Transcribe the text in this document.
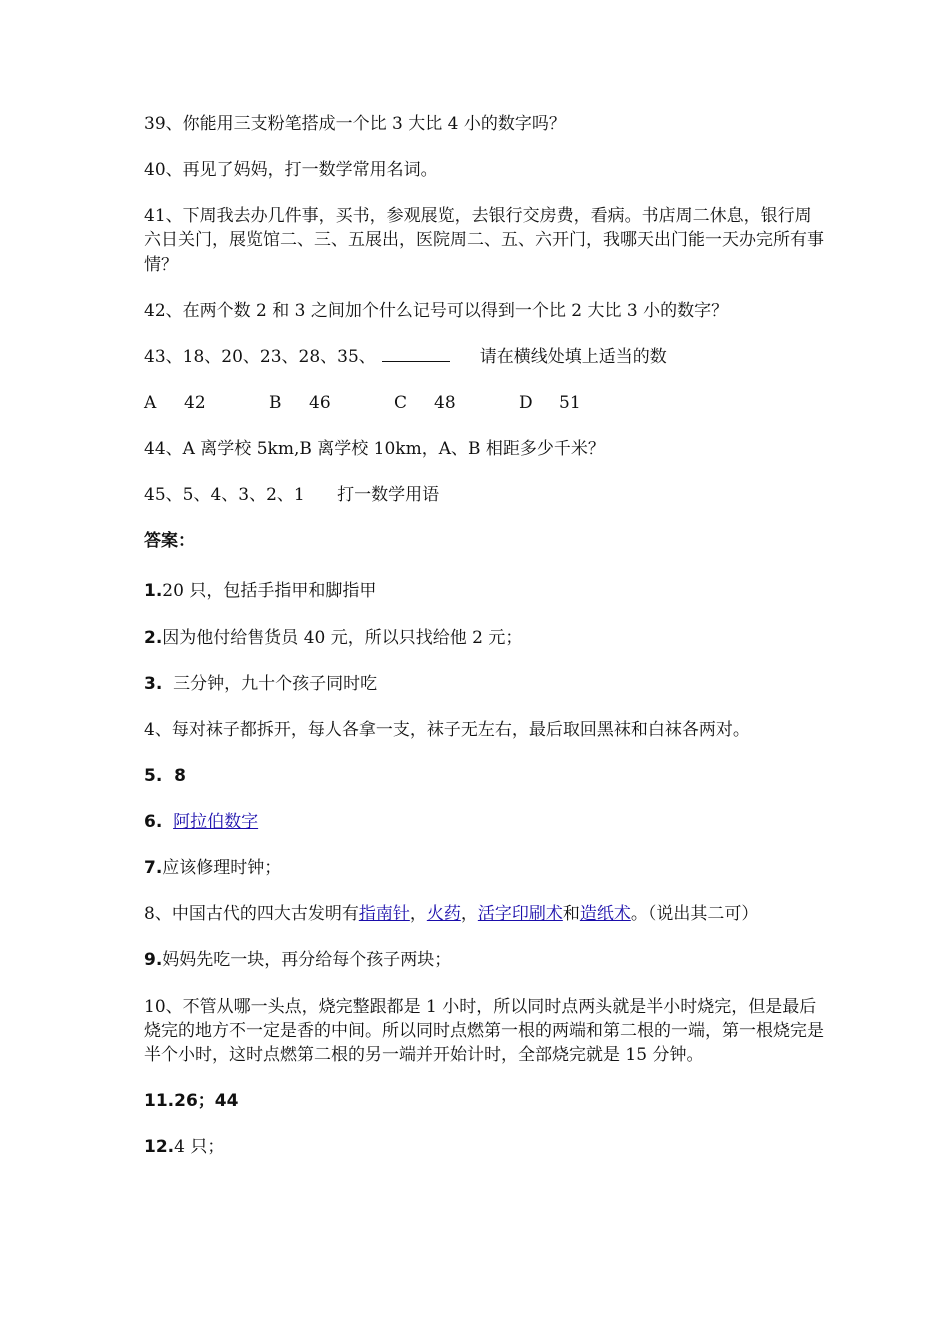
39、你能用三支粉笔搭成一个比 3 大比 4 小的数字吗？

40、再见了妈妈，打一数学常用名词。

41、下周我去办几件事，买书，参观展览，去银行交房费，看病。书店周二休息，银行周六日关门，展览馆二、三、五展出，医院周二、五、六开门，我哪天出门能一天办完所有事情？

42、在两个数 2 和 3 之间加个什么记号可以得到一个比 2 大比 3 小的数字？

43、18、20、23、28、35、	请在横线处填上适当的数

A 42	B 46	C 48	D 51

44、A 离学校 5km,B 离学校 10km，A、B 相距多少千米？

45、5、4、3、2、1      打一数学用语

答案：

1.20 只，包括手指甲和脚指甲

2.因为他付给售货员 40 元，所以只找给他 2 元；

3.  三分钟，九十个孩子同时吃

4、每对袜子都拆开，每人各拿一支，袜子无左右，最后取回黑袜和白袜各两对。

5.  8

6. 阿拉伯数字

7.应该修理时钟；

8、中国古代的四大古发明有指南针，火药，活字印刷术和造纸术。（说出其二可）

9.妈妈先吃一块，再分给每个孩子两块；

10、不管从哪一头点，烧完整跟都是 1 小时，所以同时点两头就是半小时烧完，但是最后烧完的地方不一定是香的中间。所以同时点燃第一根的两端和第二根的一端，第一根烧完是半个小时，这时点燃第二根的另一端并开始计时，全部烧完就是 15 分钟。

11.26；44

12.4 只；
